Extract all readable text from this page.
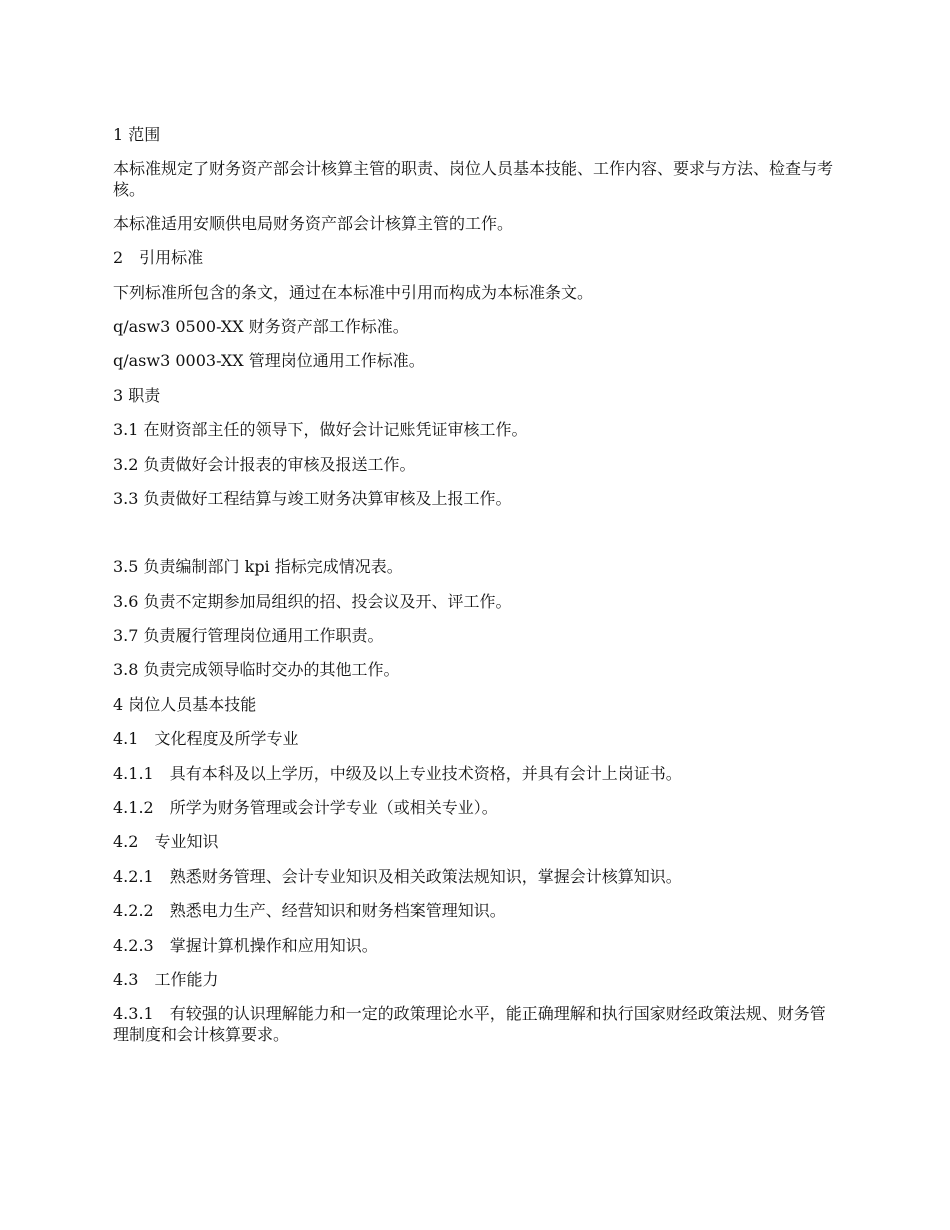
1 范围

本标准规定了财务资产部会计核算主管的职责、岗位人员基本技能、工作内容、要求与方法、检查与考核。

本标准适用安顺供电局财务资产部会计核算主管的工作。

2　引用标准

下列标准所包含的条文，通过在本标准中引用而构成为本标准条文。

q/asw3 0500-XX 财务资产部工作标准。

q/asw3 0003-XX 管理岗位通用工作标准。

3 职责

3.1 在财资部主任的领导下，做好会计记账凭证审核工作。

3.2 负责做好会计报表的审核及报送工作。

3.3 负责做好工程结算与竣工财务决算审核及上报工作。

3.5 负责编制部门 kpi 指标完成情况表。

3.6 负责不定期参加局组织的招、投会议及开、评工作。

3.7 负责履行管理岗位通用工作职责。

3.8 负责完成领导临时交办的其他工作。

4 岗位人员基本技能

4.1　文化程度及所学专业

4.1.1　具有本科及以上学历，中级及以上专业技术资格，并具有会计上岗证书。

4.1.2　所学为财务管理或会计学专业（或相关专业）。

4.2　专业知识

4.2.1　熟悉财务管理、会计专业知识及相关政策法规知识，掌握会计核算知识。

4.2.2　熟悉电力生产、经营知识和财务档案管理知识。

4.2.3　掌握计算机操作和应用知识。

4.3　工作能力

4.3.1　有较强的认识理解能力和一定的政策理论水平，能正确理解和执行国家财经政策法规、财务管理制度和会计核算要求。
